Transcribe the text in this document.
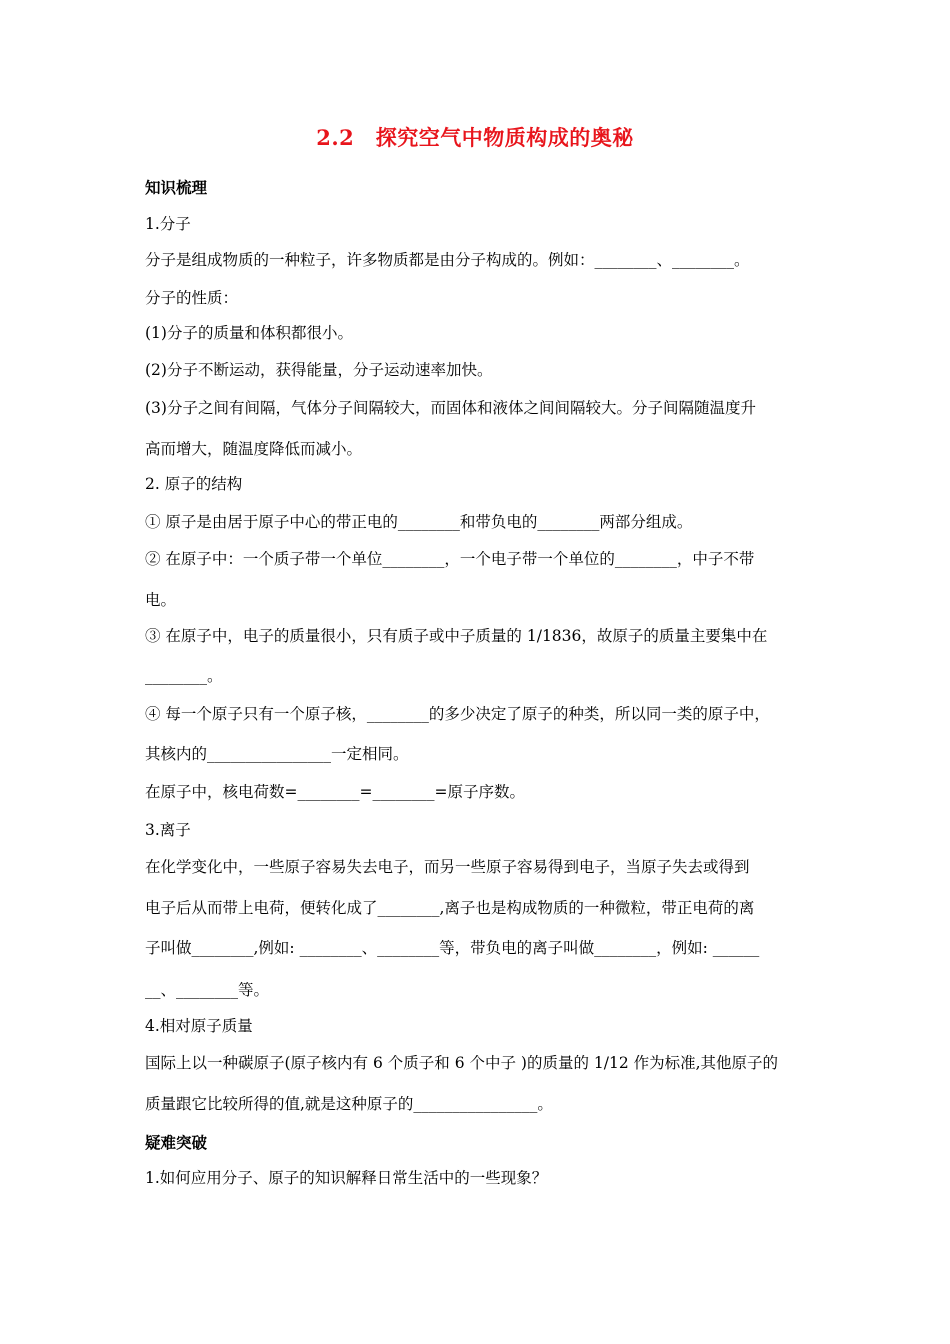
2.2　探究空气中物质构成的奥秘
知识梳理
1.分子
分子是组成物质的一种粒子，许多物质都是由分子构成的。例如：________、________。
分子的性质：
(1)分子的质量和体积都很小。
(2)分子不断运动，获得能量，分子运动速率加快。
(3)分子之间有间隔，气体分子间隔较大，而固体和液体之间间隔较大。分子间隔随温度升
高而增大，随温度降低而减小。
2. 原子的结构
① 原子是由居于原子中心的带正电的________和带负电的________两部分组成。
② 在原子中：一个质子带一个单位________，一个电子带一个单位的________，中子不带
电。
③ 在原子中，电子的质量很小，只有质子或中子质量的 1/1836，故原子的质量主要集中在
________。
④ 每一个原子只有一个原子核，________的多少决定了原子的种类，所以同一类的原子中，
其核内的________________一定相同。
在原子中，核电荷数=________=________=原子序数。
3.离子
在化学变化中，一些原子容易失去电子，而另一些原子容易得到电子，当原子失去或得到
电子后从而带上电荷，便转化成了________,离子也是构成物质的一种微粒，带正电荷的离
子叫做________,例如: ________、________等，带负电的离子叫做________，例如: ______
__、________等。
4.相对原子质量
国际上以一种碳原子(原子核内有 6 个质子和 6 个中子 )的质量的 1/12 作为标准,其他原子的
质量跟它比较所得的值,就是这种原子的________________。
疑难突破
1.如何应用分子、原子的知识解释日常生活中的一些现象？
